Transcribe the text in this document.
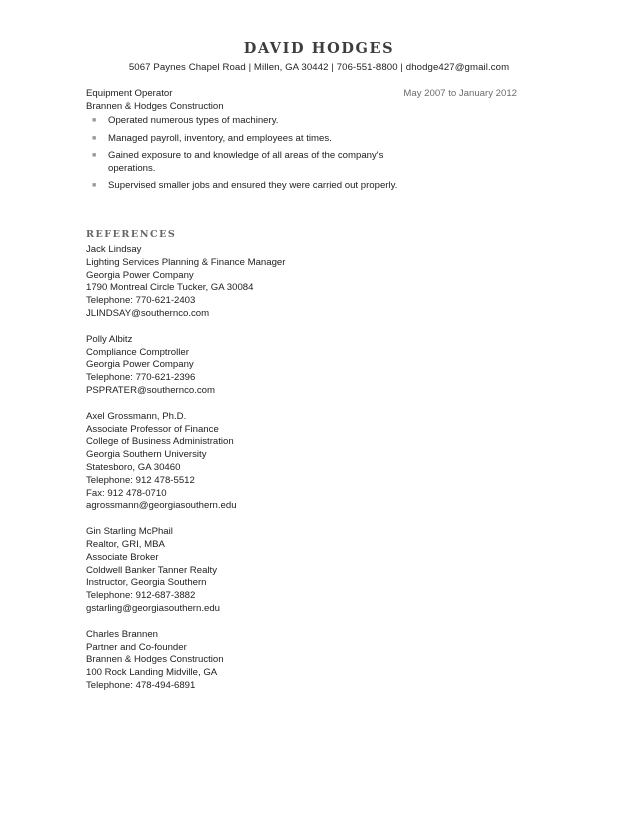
DAVID HODGES
5067 Paynes Chapel Road | Millen, GA 30442 | 706-551-8800 | dhodge427@gmail.com
Equipment Operator	May 2007 to January 2012
Brannen & Hodges Construction
■ Operated numerous types of machinery.
■ Managed payroll, inventory, and employees at times.
■ Gained exposure to and knowledge of all areas of the company's operations.
■ Supervised smaller jobs and ensured they were carried out properly.
REFERENCES
Jack Lindsay
Lighting Services Planning & Finance Manager
Georgia Power Company
1790 Montreal Circle Tucker, GA 30084
Telephone: 770-621-2403
JLINDSAY@southernco.com
Polly Albitz
Compliance Comptroller
Georgia Power Company
Telephone: 770-621-2396
PSPRATER@southernco.com
Axel Grossmann, Ph.D.
Associate Professor of Finance
College of Business Administration
Georgia Southern University
Statesboro, GA 30460
Telephone: 912 478-5512
Fax: 912 478-0710
agrossmann@georgiasouthern.edu
Gin Starling McPhail
Realtor, GRI, MBA
Associate Broker
Coldwell Banker Tanner Realty
Instructor, Georgia Southern
Telephone: 912-687-3882
gstarling@georgiasouthern.edu
Charles Brannen
Partner and Co-founder
Brannen & Hodges Construction
100 Rock Landing Midville, GA
Telephone: 478-494-6891
